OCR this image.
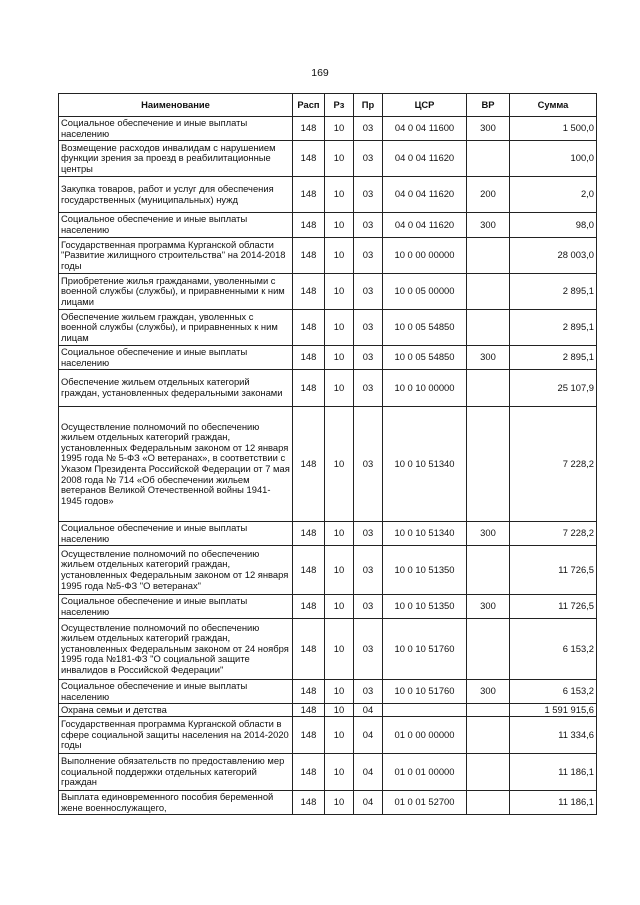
169
Наименование	Расп	Рз	Пр	ЦСР	ВР	Сумма
Социальное обеспечение и иные выплаты населению	148	10	03	04 0 04 11600	300	1 500,0
Возмещение расходов инвалидам с нарушением функции зрения за проезд в реабилитационные центры	148	10	03	04 0 04 11620		100,0
Закупка товаров, работ и услуг для обеспечения государственных (муниципальных) нужд	148	10	03	04 0 04 11620	200	2,0
Социальное обеспечение и иные выплаты населению	148	10	03	04 0 04 11620	300	98,0
Государственная программа Курганской области "Развитие жилищного строительства" на 2014-2018 годы	148	10	03	10 0 00 00000		28 003,0
Приобретение жилья гражданами, уволенными с военной службы (службы), и приравненными к ним лицами	148	10	03	10 0 05 00000		2 895,1
Обеспечение жильем граждан, уволенных с военной службы (службы), и приравненных к ним лицам	148	10	03	10 0 05 54850		2 895,1
Социальное обеспечение и иные выплаты населению	148	10	03	10 0 05 54850	300	2 895,1
Обеспечение жильем отдельных категорий граждан, установленных федеральными законами	148	10	03	10 0 10 00000		25 107,9
Осуществление полномочий по обеспечению жильем отдельных категорий граждан, установленных Федеральным законом от 12 января 1995 года № 5-ФЗ «О ветеранах», в соответствии с Указом Президента Российской Федерации от 7 мая 2008 года № 714 «Об обеспечении жильем ветеранов Великой Отечественной войны 1941-1945 годов»	148	10	03	10 0 10 51340		7 228,2
Социальное обеспечение и иные выплаты населению	148	10	03	10 0 10 51340	300	7 228,2
Осуществление полномочий по обеспечению жильем отдельных категорий граждан, установленных Федеральным законом от 12 января 1995 года №5-ФЗ "О ветеранах"	148	10	03	10 0 10 51350		11 726,5
Социальное обеспечение и иные выплаты населению	148	10	03	10 0 10 51350	300	11 726,5
Осуществление полномочий по обеспечению жильем отдельных категорий граждан, установленных Федеральным законом от 24 ноября 1995 года №181-ФЗ "О социальной защите инвалидов в Российской Федерации"	148	10	03	10 0 10 51760		6 153,2
Социальное обеспечение и иные выплаты населению	148	10	03	10 0 10 51760	300	6 153,2
Охрана семьи и детства	148	10	04			1 591 915,6
Государственная программа Курганской области в сфере социальной защиты населения на 2014-2020 годы	148	10	04	01 0 00 00000		11 334,6
Выполнение обязательств по предоставлению мер социальной поддержки отдельных категорий граждан	148	10	04	01 0 01 00000		11 186,1
Выплата единовременного пособия беременной жене военнослужащего,	148	10	04	01 0 01 52700		11 186,1
